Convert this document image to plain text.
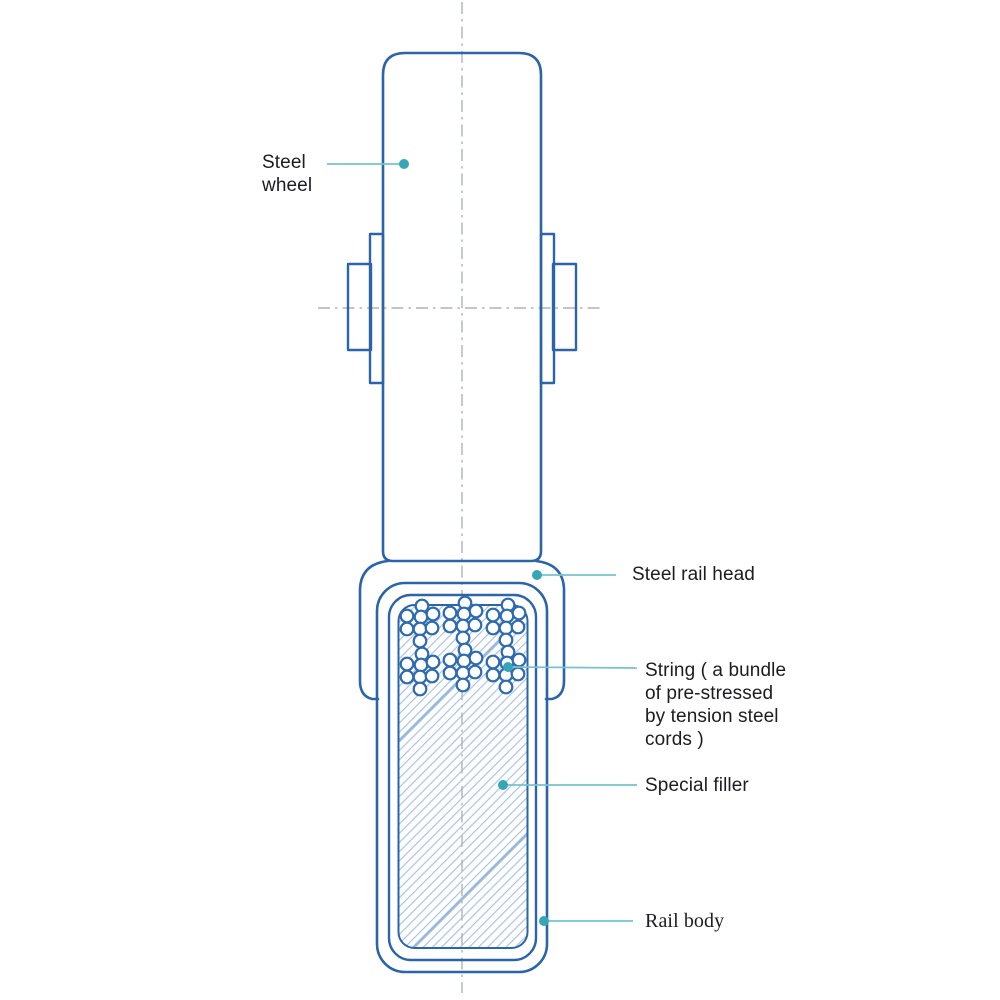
Steel
wheel
Steel rail head
String ( a bundle
of pre-stressed
by tension steel
cords )
Special filler
Rail body
